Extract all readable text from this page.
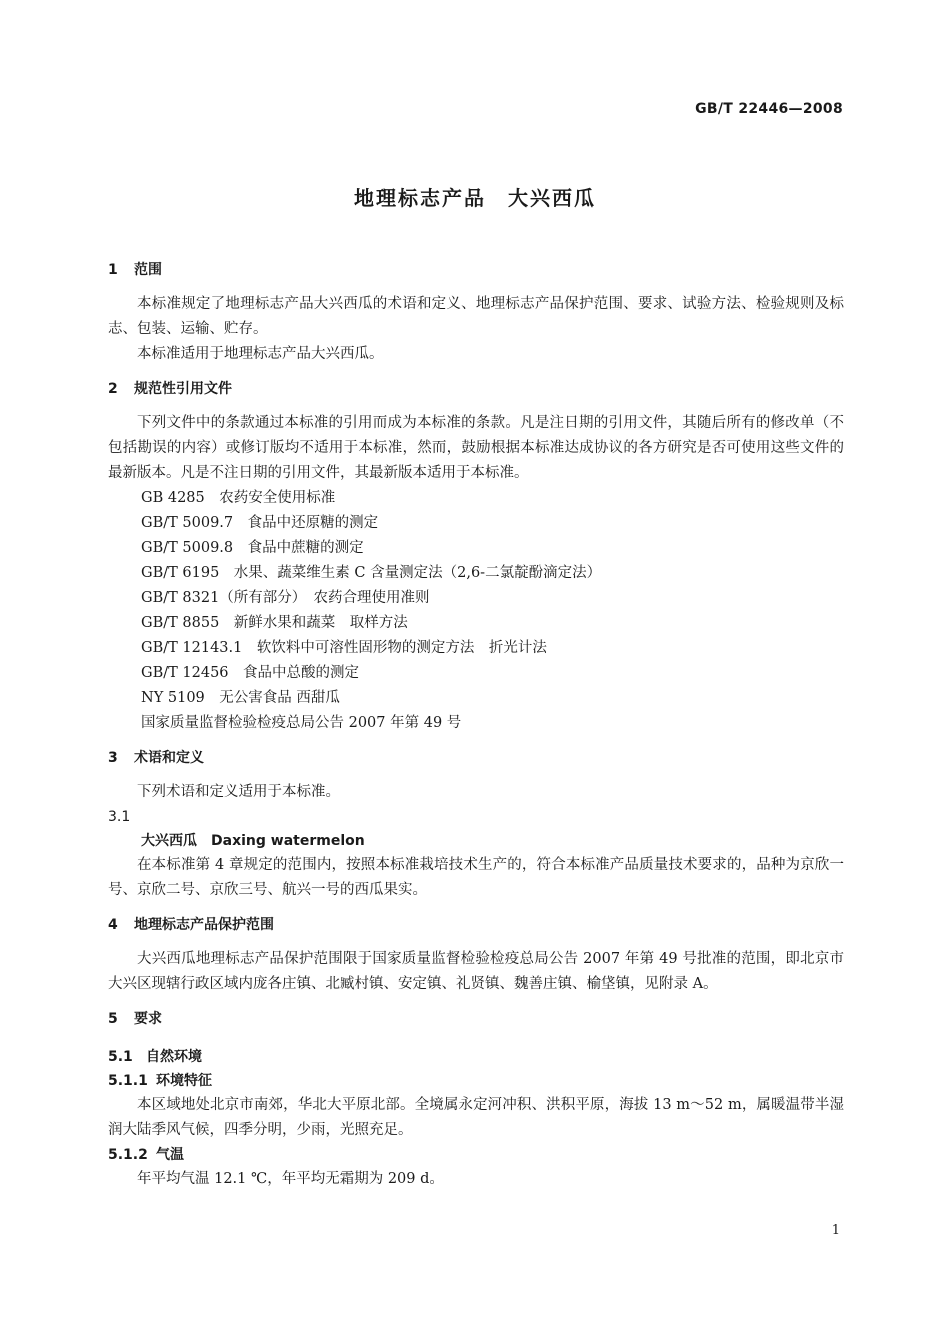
GB/T 22446—2008
地理标志产品　大兴西瓜
1 范围
本标准规定了地理标志产品大兴西瓜的术语和定义、地理标志产品保护范围、要求、试验方法、检验规则及标志、包装、运输、贮存。
本标准适用于地理标志产品大兴西瓜。
2 规范性引用文件
下列文件中的条款通过本标准的引用而成为本标准的条款。凡是注日期的引用文件，其随后所有的修改单（不包括勘误的内容）或修订版均不适用于本标准，然而，鼓励根据本标准达成协议的各方研究是否可使用这些文件的最新版本。凡是不注日期的引用文件，其最新版本适用于本标准。
GB 4285　农药安全使用标准
GB/T 5009.7　食品中还原糖的测定
GB/T 5009.8　食品中蔗糖的测定
GB/T 6195　水果、蔬菜维生素 C 含量测定法（2,6-二氯靛酚滴定法）
GB/T 8321（所有部分）　农药合理使用准则
GB/T 8855　新鲜水果和蔬菜　取样方法
GB/T 12143.1　软饮料中可溶性固形物的测定方法　折光计法
GB/T 12456　食品中总酸的测定
NY 5109　无公害食品 西甜瓜
国家质量监督检验检疫总局公告 2007 年第 49 号
3 术语和定义
下列术语和定义适用于本标准。
3.1
大兴西瓜　Daxing watermelon
在本标准第 4 章规定的范围内，按照本标准栽培技术生产的，符合本标准产品质量技术要求的，品种为京欣一号、京欣二号、京欣三号、航兴一号的西瓜果实。
4 地理标志产品保护范围
大兴西瓜地理标志产品保护范围限于国家质量监督检验检疫总局公告 2007 年第 49 号批准的范围，即北京市大兴区现辖行政区域内庞各庄镇、北臧村镇、安定镇、礼贤镇、魏善庄镇、榆垡镇，见附录 A。
5 要求
5.1 自然环境
5.1.1 环境特征
本区域地处北京市南郊，华北大平原北部。全境属永定河冲积、洪积平原，海拔 13 m～52 m，属暖温带半湿润大陆季风气候，四季分明，少雨，光照充足。
5.1.2 气温
年平均气温 12.1 ℃，年平均无霜期为 209 d。
1
